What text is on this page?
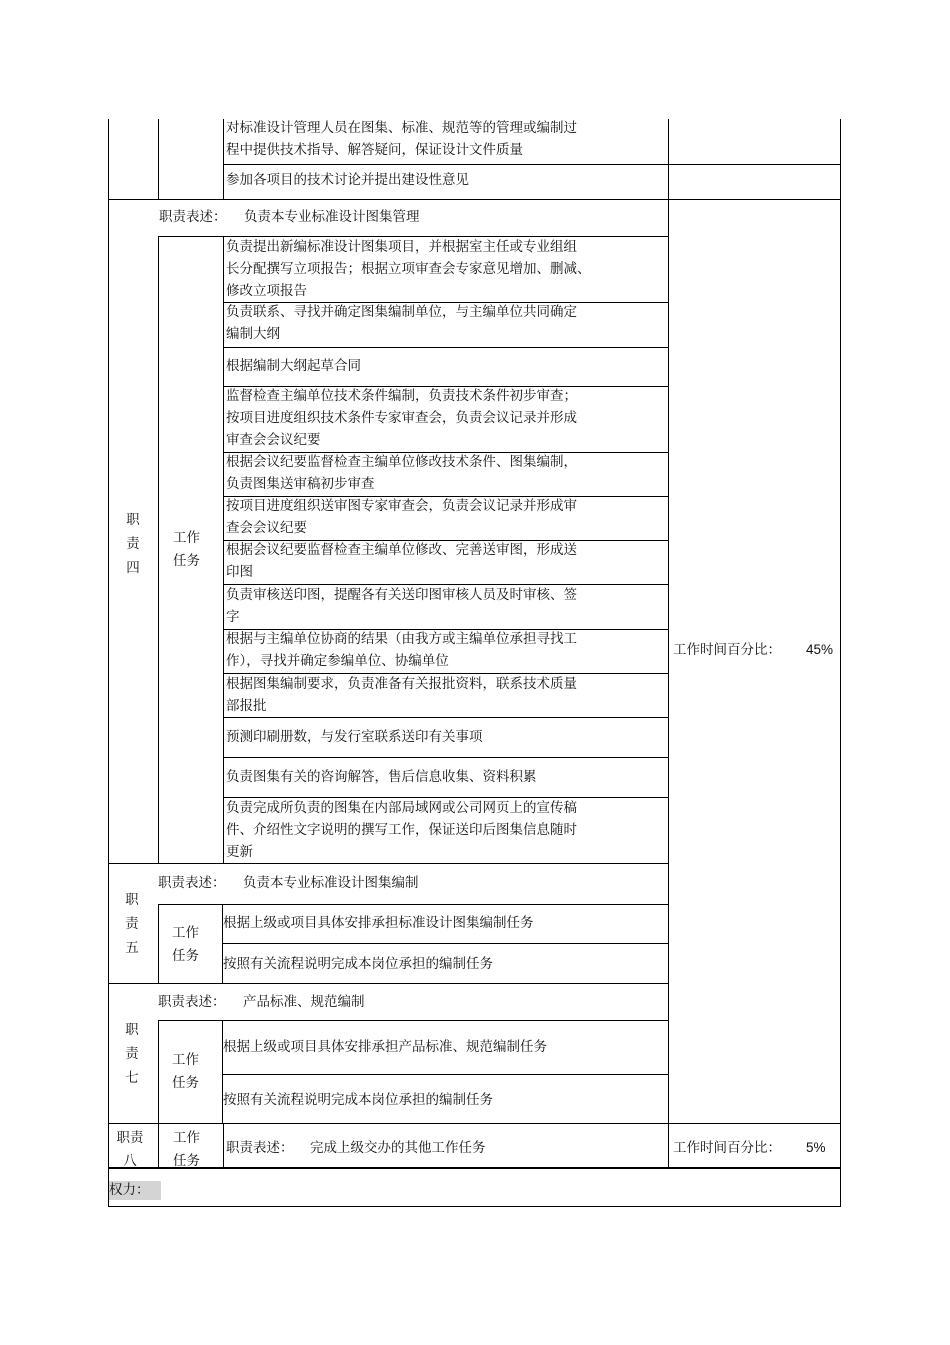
对标准设计管理人员在图集、标准、规范等的管理或编制过
程中提供技术指导、解答疑问，保证设计文件质量
参加各项目的技术讨论并提出建设性意见
职
责
四
职责表述： 负责本专业标准设计图集管理
工作
任务
负责提出新编标准设计图集项目，并根据室主任或专业组组
长分配撰写立项报告；根据立项审查会专家意见增加、删减、
修改立项报告
负责联系、寻找并确定图集编制单位，与主编单位共同确定
编制大纲
根据编制大纲起草合同
监督检查主编单位技术条件编制，负责技术条件初步审查；
按项目进度组织技术条件专家审查会，负责会议记录并形成
审查会会议纪要
根据会议纪要监督检查主编单位修改技术条件、图集编制，
负责图集送审稿初步审查
按项目进度组织送审图专家审查会，负责会议记录并形成审
查会会议纪要
根据会议纪要监督检查主编单位修改、完善送审图，形成送
印图
负责审核送印图，提醒各有关送印图审核人员及时审核、签
字
根据与主编单位协商的结果（由我方或主编单位承担寻找工
作），寻找并确定参编单位、协编单位
根据图集编制要求，负责准备有关报批资料，联系技术质量
部报批
预测印刷册数，与发行室联系送印有关事项
负责图集有关的咨询解答，售后信息收集、资料积累
负责完成所负责的图集在内部局域网或公司网页上的宣传稿
件、介绍性文字说明的撰写工作，保证送印后图集信息随时
更新
工作时间百分比： 45%
职
责
五
职责表述： 负责本专业标准设计图集编制
工作
任务
根据上级或项目具体安排承担标准设计图集编制任务
按照有关流程说明完成本岗位承担的编制任务
职
责
七
职责表述： 产品标准、规范编制
工作
任务
根据上级或项目具体安排承担产品标准、规范编制任务
按照有关流程说明完成本岗位承担的编制任务
职责
八
工作
任务
职责表述： 完成上级交办的其他工作任务	工作时间百分比： 5%
权力：
